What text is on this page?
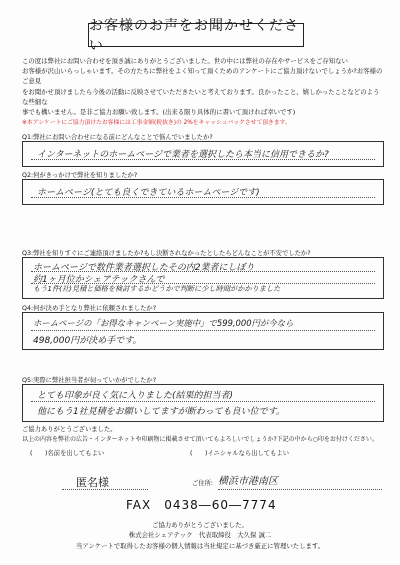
お客様のお声をお聞かせください
この度は弊社にお問い合わせを頂き誠にありがとうございました。世の中には弊社の存在やサービスをご存知ない
お客様が沢山いらっしゃいます。その方たちに弊社をよく知って頂くためのアンケートにご協力頂けないでしょうか?お客様のご意見
をお聞かせ頂けましたら今後の活動に反映させていただきたいと考えております。良かったこと、嬉しかったことなどのような些細な
事でも構いません。是非ご協力お願い致します。(出来る限り具体的に書いて頂ければ幸いです)
※本アンケートにご協力頂けたお客様には工事金額(税抜き)の 2%をキャッシュバックさせて頂きます。
Q1:弊社にお問い合わせになる前にどんなことで悩んでいましたか?
インターネットのホームページで業者を選択したら本当に信用できるか?
Q2:何がきっかけで弊社を知りましたか?
ホームページ(とても良くできているホームページです)
Q3:弊社を知りすぐにご連絡頂けましたか?もし決断されなかったとしたらどんなことが不安でしたか?
ホームページで数件業者選択したその内2業者にしぼり
約1ヶ月位かシェアテックさんで
もう1件(社)見積と価格を検討するかどうかで判断に少し時間がかかりました
Q4:何が決め手となり弊社に依頼されましたか?
ホームページの「お得なキャンペーン実施中」で599,000円が今なら
498,000円が決め手です。
Q5:実際に弊社担当者が伺っていかがでしたか?
とても印象が良く気に入りました(結果的担当者)
他にもう1社見積をお願いしてますが断わっても良い位です。
ご協力ありがとうございました。
以上の内容を弊社の広告・インターネットや印刷物に掲載させて頂いてもよろしいでしょうか?下記の中から○印をお付けください。
(　　)名前を出してもよい	(　　)イニシャルなら出してもよい
匿名様	ご住所: 横浜市港南区
FAX　0438―60―7774
ご協力ありがとうございました。
株式会社シェアテック　代表取締役　大久保 誠二
当アンケートで取得したお客様の個人情報は当社規定に基づき厳正に管理いたします。
